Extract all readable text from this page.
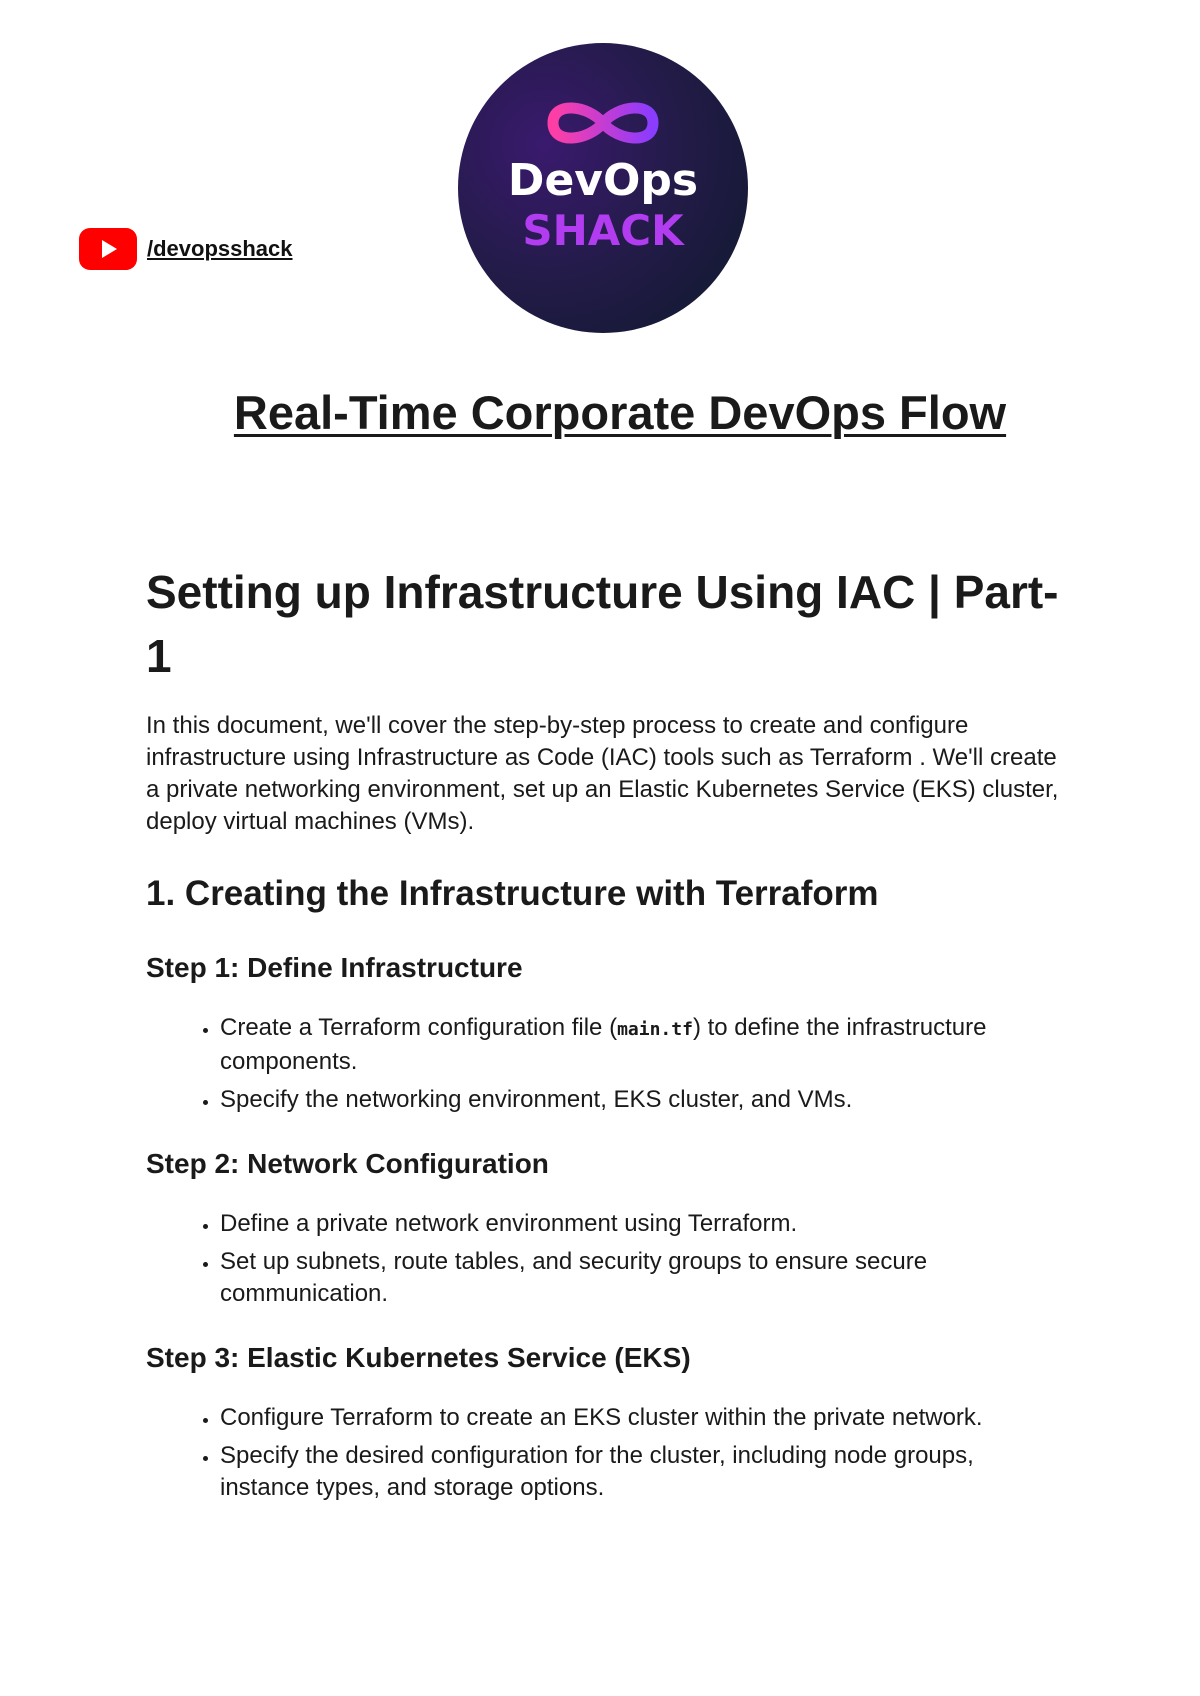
/devopsshack
DevOps
SHACK
Real-Time Corporate DevOps Flow
Setting up Infrastructure Using IAC | Part-1

In this document, we'll cover the step-by-step process to create and configure infrastructure using Infrastructure as Code (IAC) tools such as Terraform . We'll create a private networking environment, set up an Elastic Kubernetes Service (EKS) cluster, deploy virtual machines (VMs).

1. Creating the Infrastructure with Terraform
Step 1: Define Infrastructure
• Create a Terraform configuration file (main.tf) to define the infrastructure components.
• Specify the networking environment, EKS cluster, and VMs.
Step 2: Network Configuration
• Define a private network environment using Terraform.
• Set up subnets, route tables, and security groups to ensure secure communication.
Step 3: Elastic Kubernetes Service (EKS)
• Configure Terraform to create an EKS cluster within the private network.
• Specify the desired configuration for the cluster, including node groups, instance types, and storage options.
